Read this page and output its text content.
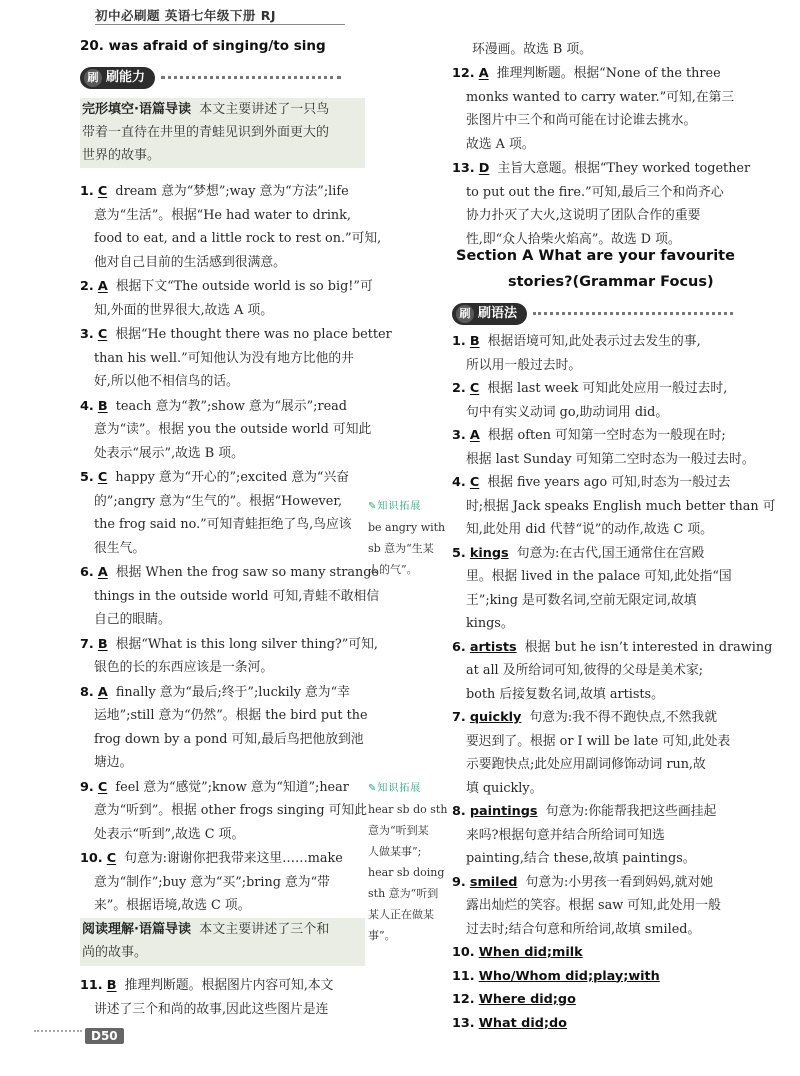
初中必刷题 英语七年级下册 RJ
20. was afraid of singing/to sing
刷 刷能力
完形填空·语篇导读 本文主要讲述了一只鸟
带着一直待在井里的青蛙见识到外面更大的
世界的故事。
1. C  dream 意为“梦想”;way 意为“方法”;life
意为“生活”。根据“He had water to drink,
food to eat, and a little rock to rest on.”可知,
他对自己目前的生活感到很满意。
2. A  根据下文“The outside world is so big!”可
知,外面的世界很大,故选 A 项。
3. C  根据“He thought there was no place better
than his well.”可知他认为没有地方比他的井
好,所以他不相信鸟的话。
4. B  teach 意为“教”;show 意为“展示”;read
意为“读”。根据 you the outside world 可知此
处表示“展示”,故选 B 项。
5. C  happy 意为“开心的”;excited 意为“兴奋
的”;angry 意为“生气的”。根据“However,
the frog said no.”可知青蛙拒绝了鸟,鸟应该
很生气。
6. A  根据 When the frog saw so many strange
things in the outside world 可知,青蛙不敢相信
自己的眼睛。
7. B  根据“What is this long silver thing?”可知,
银色的长的东西应该是一条河。
8. A  finally 意为“最后;终于”;luckily 意为“幸
运地”;still 意为“仍然”。根据 the bird put the
frog down by a pond 可知,最后鸟把他放到池
塘边。
9. C  feel 意为“感觉”;know 意为“知道”;hear
意为“听到”。根据 other frogs singing 可知此
处表示“听到”,故选 C 项。
10. C  句意为:谢谢你把我带来这里……make
意为“制作”;buy 意为“买”;bring 意为“带
来”。根据语境,故选 C 项。
✎知识拓展
be angry with
sb 意为“生某
人的气”。
✎知识拓展
hear sb do sth
意为“听到某
人做某事”;
hear sb doing
sth 意为“听到
某人正在做某
事”。
阅读理解·语篇导读 本文主要讲述了三个和
尚的故事。
11. B 推理判断题。根据图片内容可知,本文
讲述了三个和尚的故事,因此这些图片是连
环漫画。故选 B 项。
12. A  推理判断题。根据“None of the three
monks wanted to carry water.”可知,在第三
张图片中三个和尚可能在讨论谁去挑水。
故选 A 项。
13. D  主旨大意题。根据“They worked together
to put out the fire.”可知,最后三个和尚齐心
协力扑灭了大火,这说明了团队合作的重要
性,即“众人拾柴火焰高”。故选 D 项。
Section A What are your favourite
stories?(Grammar Focus)
刷 刷语法
1. B  根据语境可知,此处表示过去发生的事,
所以用一般过去时。
2. C  根据 last week 可知此处应用一般过去时,
句中有实义动词 go,助动词用 did。
3. A  根据 often 可知第一空时态为一般现在时;
根据 last Sunday 可知第二空时态为一般过去时。
4. C  根据 five years ago 可知,时态为一般过去
时;根据 Jack speaks English much better than 可
知,此处用 did 代替“说”的动作,故选 C 项。
5. kings  句意为:在古代,国王通常住在宫殿
里。根据 lived in the palace 可知,此处指“国
王”;king 是可数名词,空前无限定词,故填
kings。
6. artists  根据 but he isn’t interested in drawing
at all 及所给词可知,彼得的父母是美术家;
both 后接复数名词,故填 artists。
7. quickly  句意为:我不得不跑快点,不然我就
要迟到了。根据 or I will be late 可知,此处表
示要跑快点;此处应用副词修饰动词 run,故
填 quickly。
8. paintings  句意为:你能帮我把这些画挂起
来吗?根据句意并结合所给词可知选
painting,结合 these,故填 paintings。
9. smiled  句意为:小男孩一看到妈妈,就对她
露出灿烂的笑容。根据 saw 可知,此处用一般
过去时;结合句意和所给词,故填 smiled。
10. When did;milk
11. Who/Whom did;play;with
12. Where did;go
13. What did;do
D50
